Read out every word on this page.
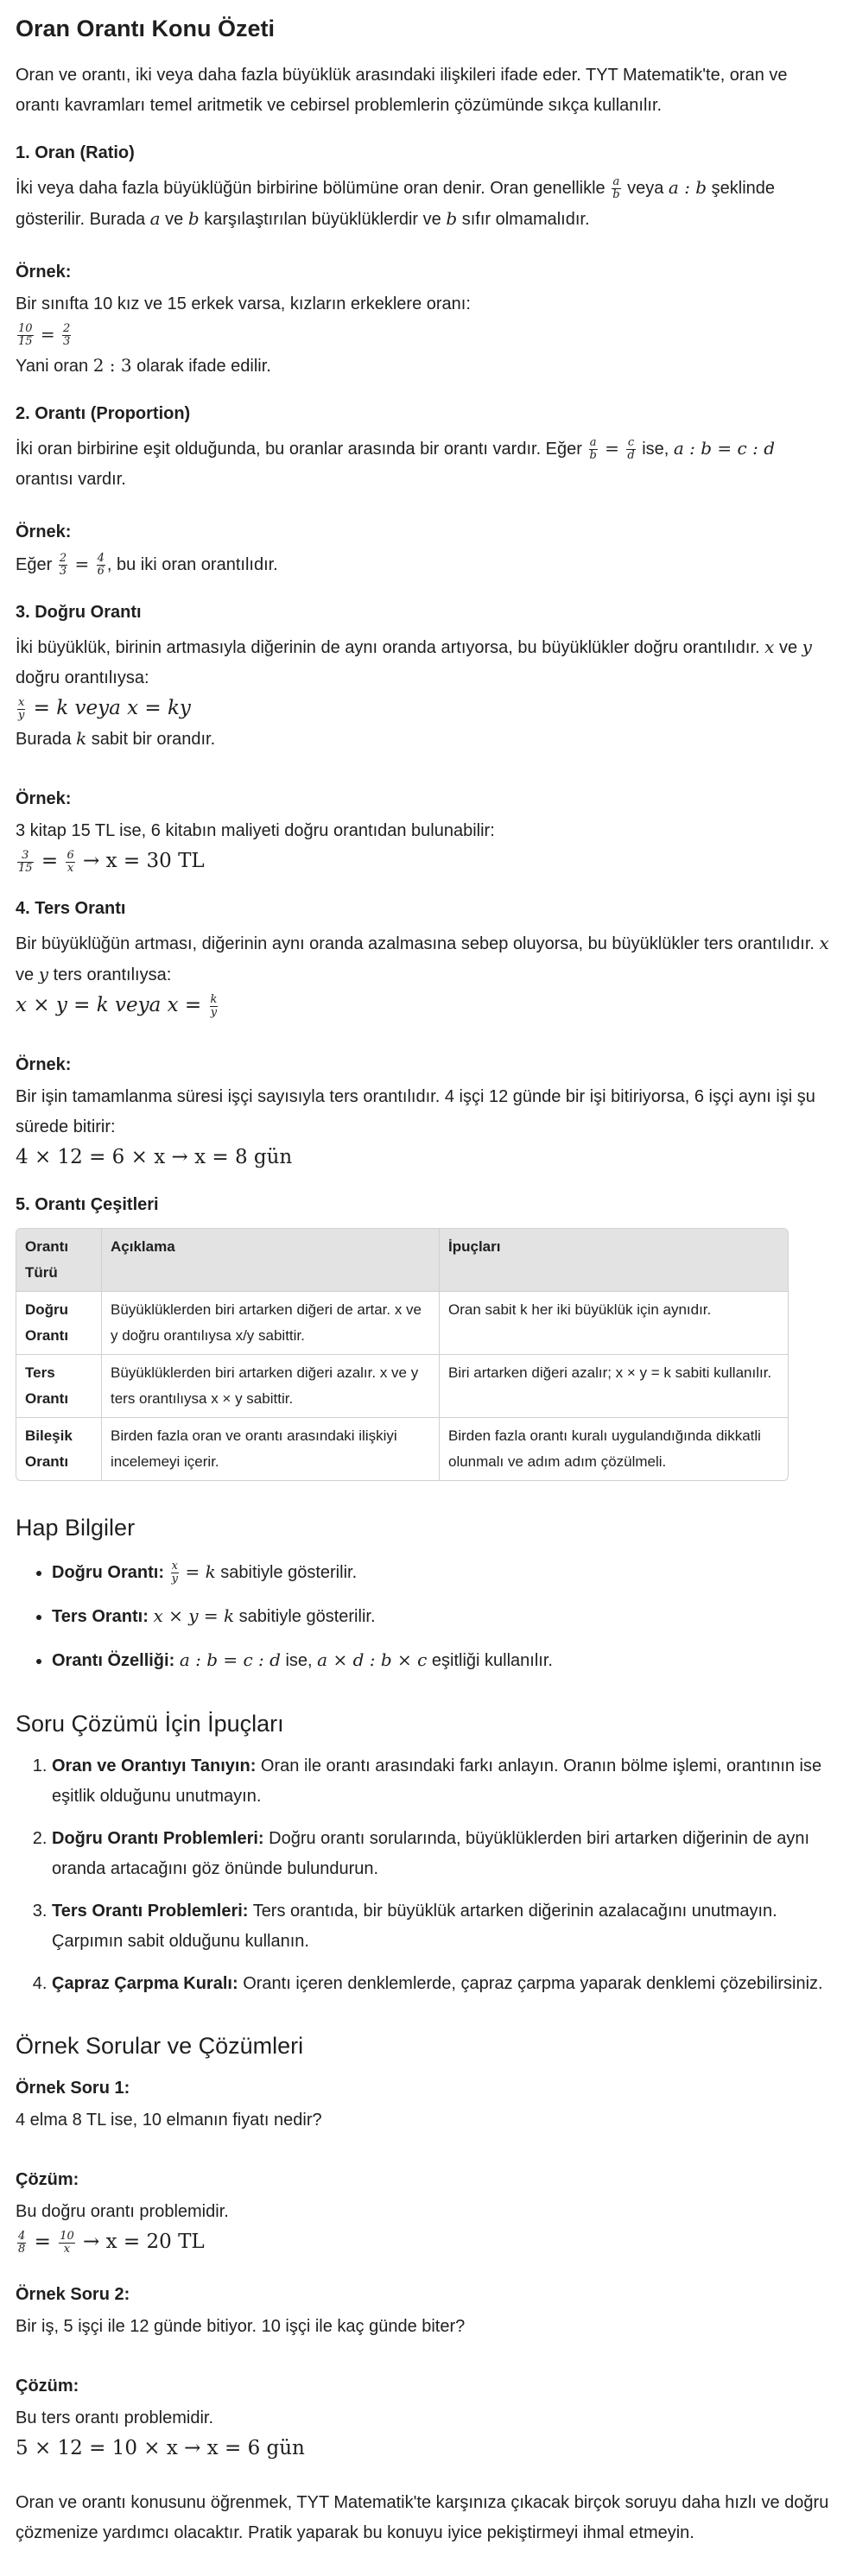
Oran Orantı Konu Özeti

Oran ve orantı, iki veya daha fazla büyüklük arasındaki ilişkileri ifade eder. TYT Matematik'te, oran ve orantı kavramları temel aritmetik ve cebirsel problemlerin çözümünde sıkça kullanılır.

1. Oran (Ratio)

İki veya daha fazla büyüklüğün birbirine bölümüne oran denir. Oran genellikle $\frac{a}{b}$ veya a : b şeklinde gösterilir. Burada a ve b karşılaştırılan büyüklüklerdir ve b sıfır olmamalıdır.

Örnek:
Bir sınıfta 10 kız ve 15 erkek varsa, kızların erkeklere oranı:
$\frac{10}{15} = \frac{2}{3}$
Yani oran 2 : 3 olarak ifade edilir.
2. Orantı (Proportion)

İki oran birbirine eşit olduğunda, bu oranlar arasında bir orantı vardır. Eğer $\frac{a}{b} = \frac{c}{d}$ ise, a : b = c : d orantısı vardır.

Örnek:
Eğer $\frac{2}{3} = \frac{4}{6}$ , bu iki oran orantılıdır.
3. Doğru Orantı
İki büyüklük, birinin artmasıyla diğerinin de aynı oranda artıyorsa, bu büyüklükler doğru orantılıdır. x ve y doğru orantılıysa:
$\frac{x}{y} = k$ veya x = ky
Burada k sabit bir orandır.
Örnek:
3 kitap 15 TL ise, 6 kitabın maliyeti doğru orantıdan bulunabilir:
$\frac{3}{15} = \frac{6}{x} \to x = 30$ TL
4. Ters Orantı
Bir büyüklüğün artması, diğerinin aynı oranda azalmasına sebep oluyorsa, bu büyüklükler ters orantılıdır. x ve y ters orantılıysa:
x × y = k veya $x = \frac{k}{y}$
Örnek:
Bir işin tamamlanma süresi işçi sayısıyla ters orantılıdır. 4 işçi 12 günde bir işi bitiriyorsa, 6 işçi aynı işi şu sürede bitirir:
4 × 12 = 6 × x → x = 8 gün
5. Orantı Çeşitleri
Orantı Türü	Açıklama	İpuçları
Doğru Orantı	Büyüklüklerden biri artarken diğeri de artar. x ve y doğru orantılıysa x/y sabittir.	Oran sabit k her iki büyüklük için aynıdır.
Ters Orantı	Büyüklüklerden biri artarken diğeri azalır. x ve y ters orantılıysa x × y sabittir.	Biri artarken diğeri azalır; x × y = k sabiti kullanılır.
Bileşik Orantı	Birden fazla oran ve orantı arasındaki ilişkiyi incelemeyi içerir.	Birden fazla orantı kuralı uygulandığında dikkatli olunmalı ve adım adım çözülmeli.
Hap Bilgiler
• Doğru Orantı: $\frac{x}{y} = k$ sabitiyle gösterilir.
• Ters Orantı: x × y = k sabitiyle gösterilir.
• Orantı Özelliği: a : b = c : d ise, a × d : b × c eşitliği kullanılır.
Soru Çözümü İçin İpuçları
1. Oran ve Orantıyı Tanıyın: Oran ile orantı arasındaki farkı anlayın. Oranın bölme işlemi, orantının ise eşitlik olduğunu unutmayın.
2. Doğru Orantı Problemleri: Doğru orantı sorularında, büyüklüklerden biri artarken diğerinin de aynı oranda artacağını göz önünde bulundurun.
3. Ters Orantı Problemleri: Ters orantıda, bir büyüklük artarken diğerinin azalacağını unutmayın. Çarpımın sabit olduğunu kullanın.
4. Çapraz Çarpma Kuralı: Orantı içeren denklemlerde, çapraz çarpma yaparak denklemi çözebilirsiniz.
Örnek Sorular ve Çözümleri
Örnek Soru 1:
4 elma 8 TL ise, 10 elmanın fiyatı nedir?
Çözüm:
Bu doğru orantı problemidir.
$\frac{4}{8} = \frac{10}{x} \to x = 20$ TL
Örnek Soru 2:
Bir iş, 5 işçi ile 12 günde bitiyor. 10 işçi ile kaç günde biter?
Çözüm:
Bu ters orantı problemidir.
5 × 12 = 10 × x → x = 6 gün

Oran ve orantı konusunu öğrenmek, TYT Matematik'te karşınıza çıkacak birçok soruyu daha hızlı ve doğru çözmenize yardımcı olacaktır. Pratik yaparak bu konuyu iyice pekiştirmeyi ihmal etmeyin.
